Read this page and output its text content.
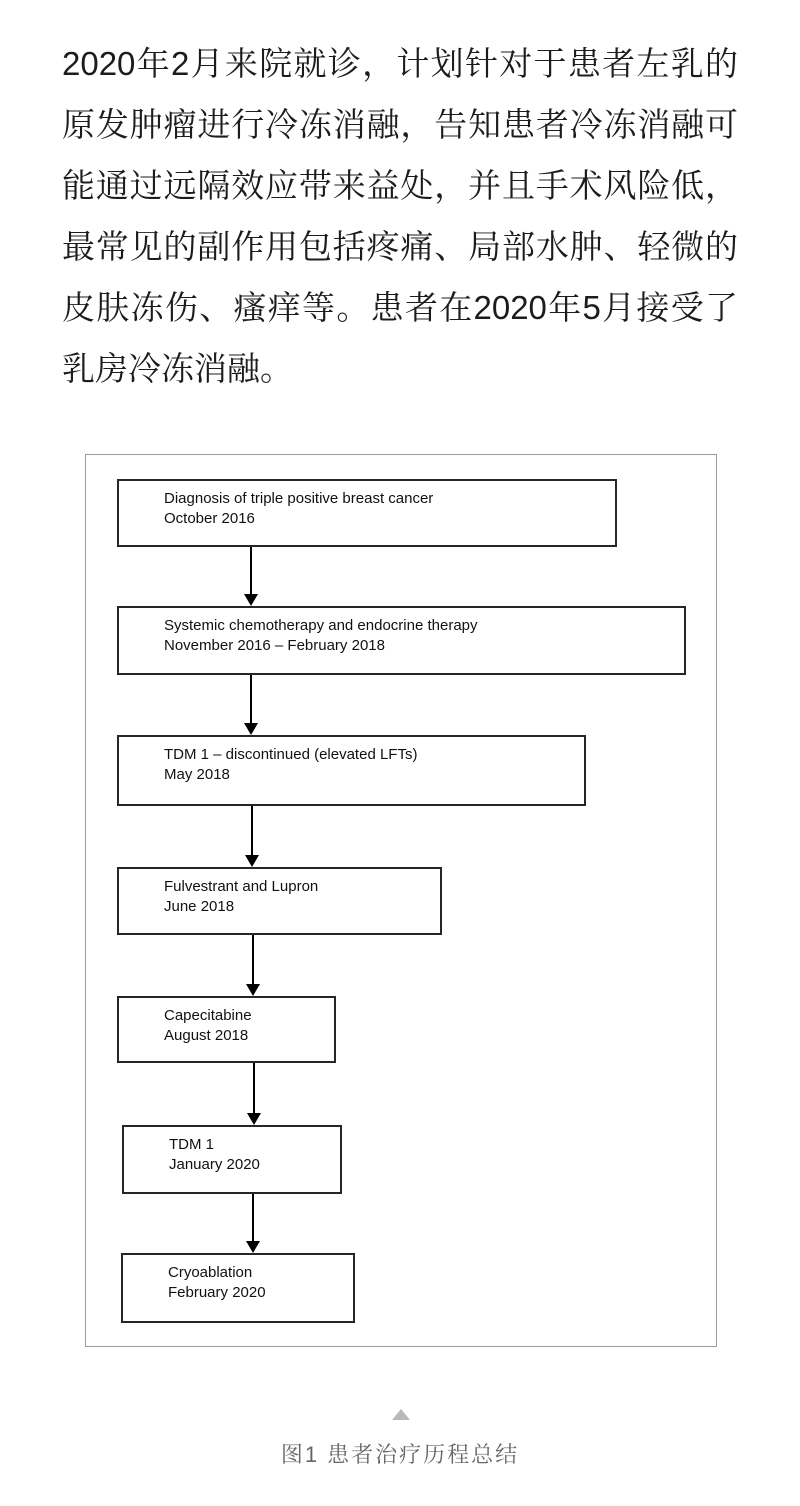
2020年2月来院就诊，计划针对于患者左乳的
原发肿瘤进行冷冻消融，告知患者冷冻消融可
能通过远隔效应带来益处，并且手术风险低，
最常见的副作用包括疼痛、局部水肿、轻微的
皮肤冻伤、瘙痒等。患者在2020年5月接受了
乳房冷冻消融。
Diagnosis of triple positive breast cancer
October 2016
Systemic chemotherapy and endocrine therapy
November 2016 – February 2018
TDM 1 – discontinued (elevated LFTs)
May 2018
Fulvestrant and Lupron
June 2018
Capecitabine
August 2018
TDM 1
January 2020
Cryoablation
February 2020
图1 患者治疗历程总结
